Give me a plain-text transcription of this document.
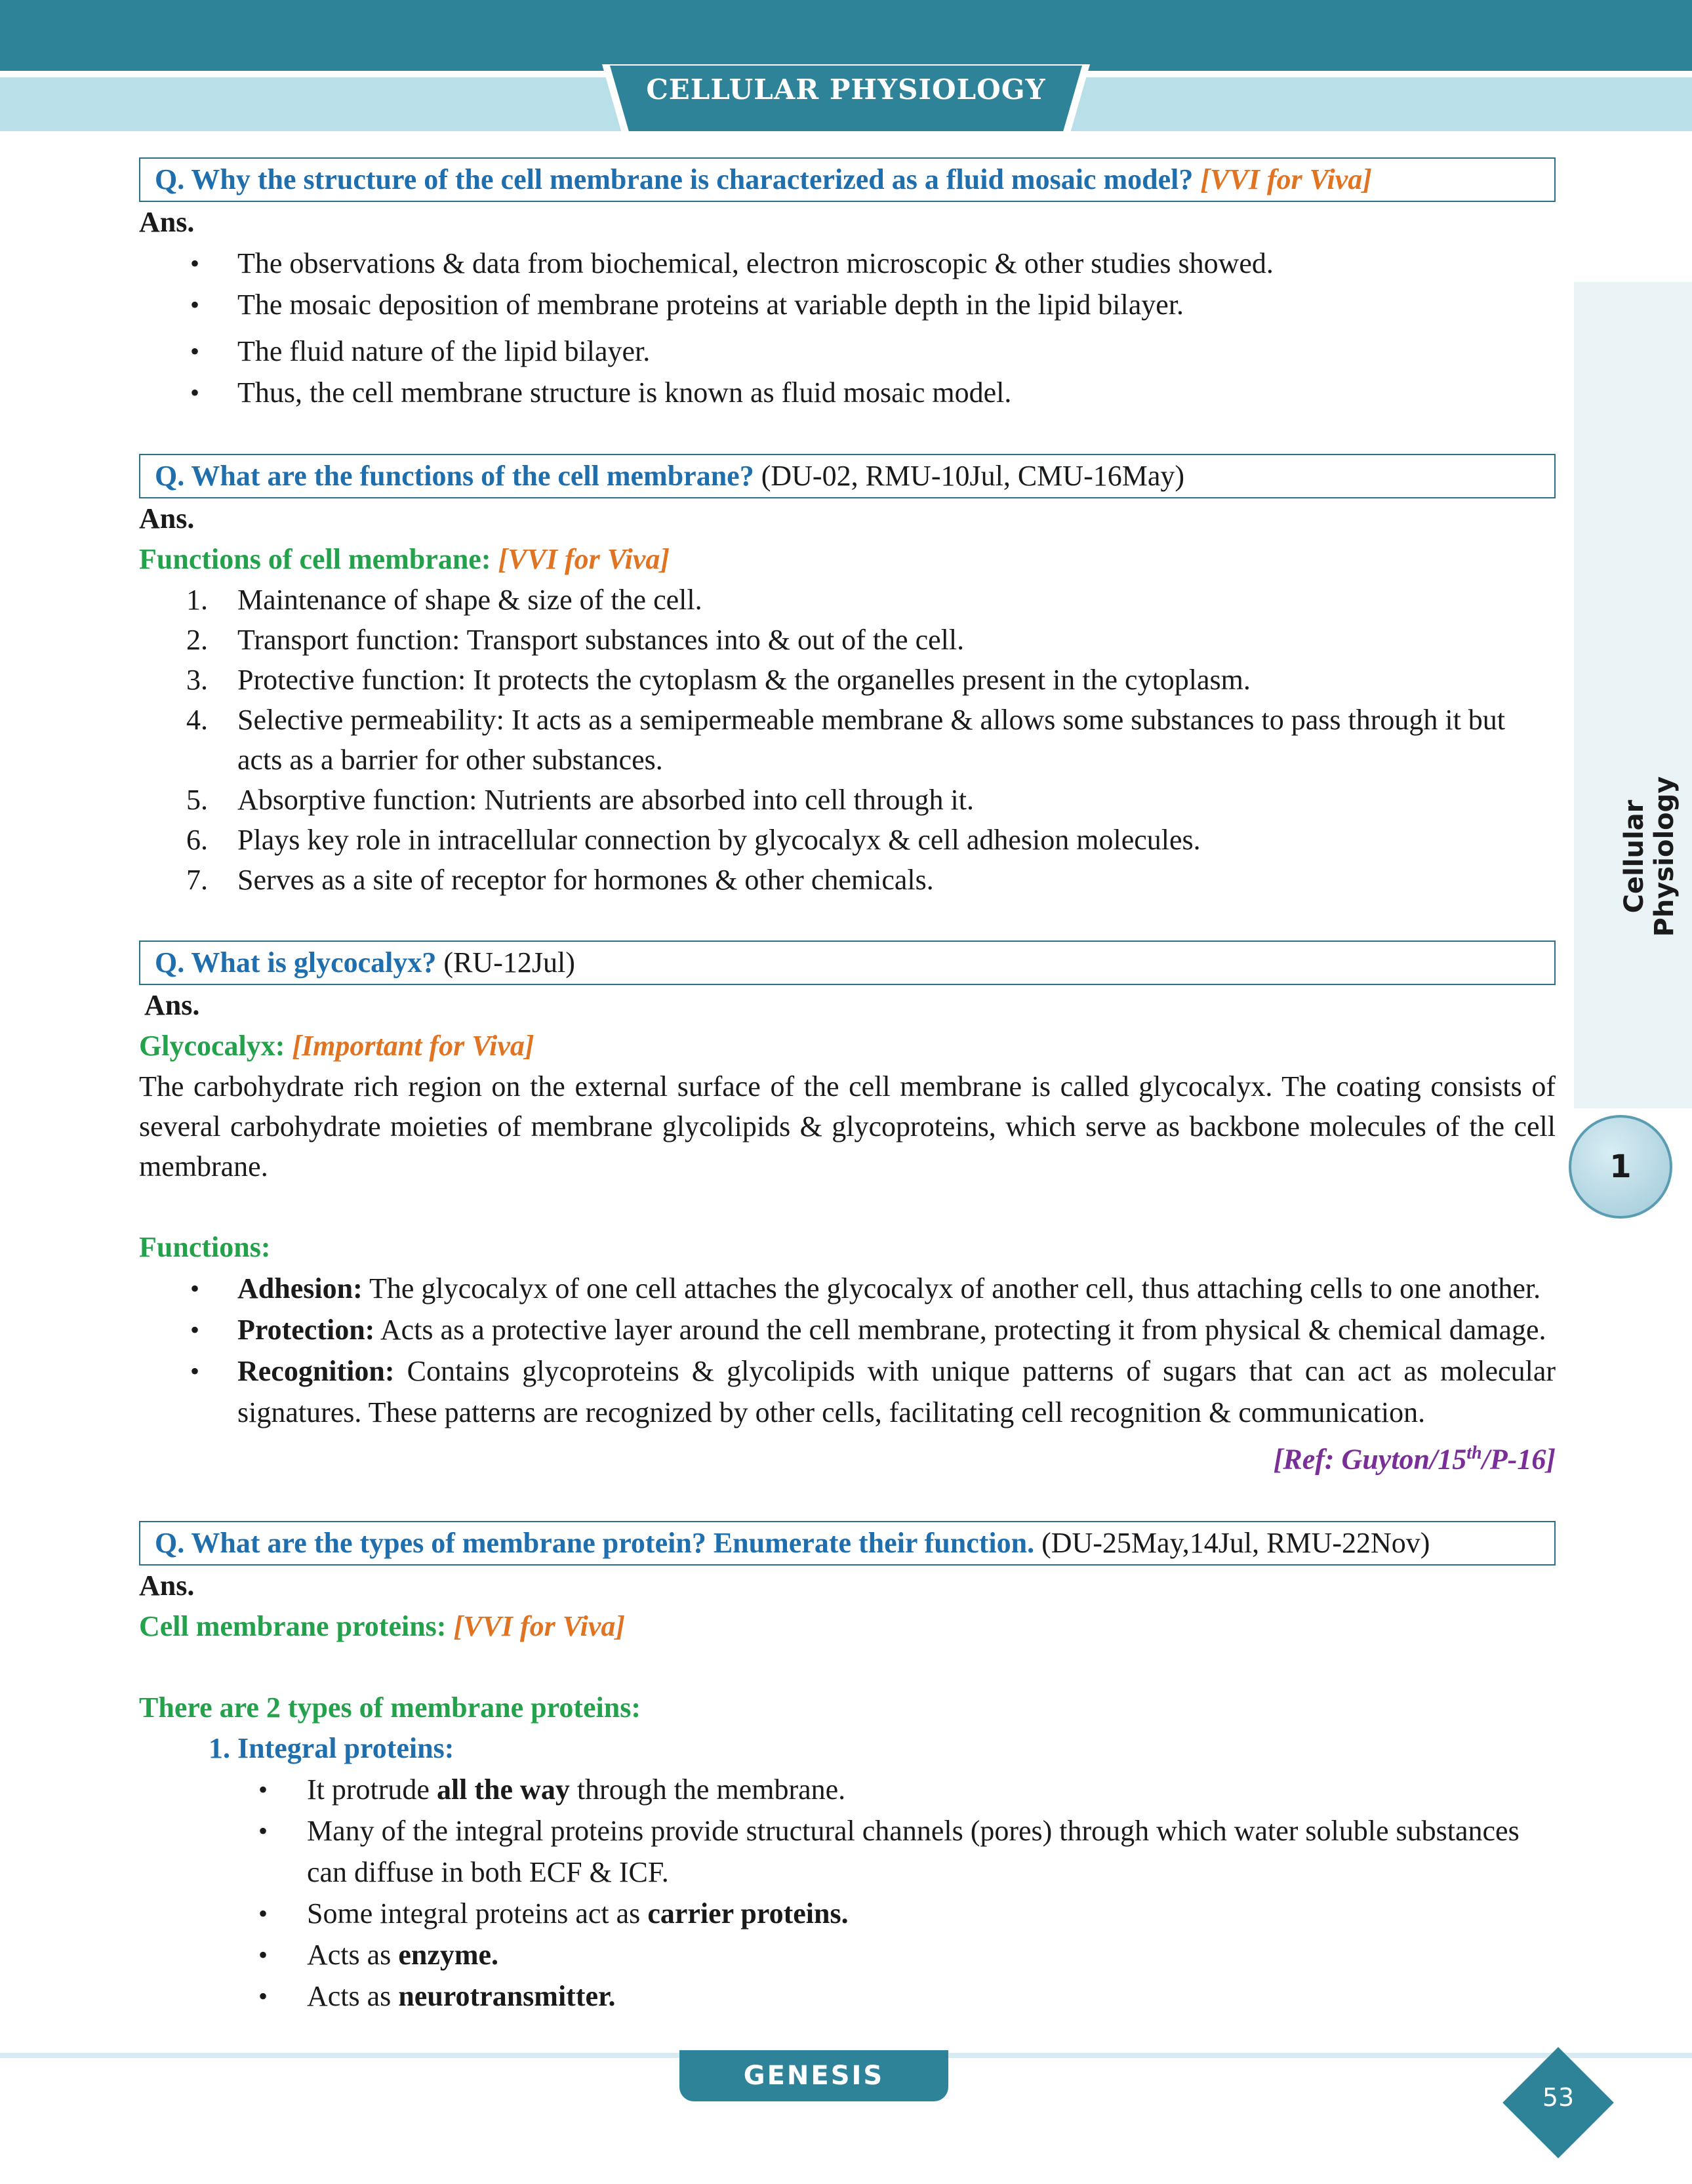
CELLULAR PHYSIOLOGY
Cellular Physiology
1
Q. Why the structure of the cell membrane is characterized as a fluid mosaic model? [VVI for Viva]
Ans.
• The observations & data from biochemical, electron microscopic & other studies showed.
• The mosaic deposition of membrane proteins at variable depth in the lipid bilayer.
• The fluid nature of the lipid bilayer.
• Thus, the cell membrane structure is known as fluid mosaic model.
Q. What are the functions of the cell membrane? (DU-02, RMU-10Jul, CMU-16May)
Ans.
Functions of cell membrane: [VVI for Viva]
1. Maintenance of shape & size of the cell.
2. Transport function: Transport substances into & out of the cell.
3. Protective function: It protects the cytoplasm & the organelles present in the cytoplasm.
4. Selective permeability: It acts as a semipermeable membrane & allows some substances to pass through it but acts as a barrier for other substances.
5. Absorptive function: Nutrients are absorbed into cell through it.
6. Plays key role in intracellular connection by glycocalyx & cell adhesion molecules.
7. Serves as a site of receptor for hormones & other chemicals.
Q. What is glycocalyx? (RU-12Jul)
Ans.
Glycocalyx: [Important for Viva]
The carbohydrate rich region on the external surface of the cell membrane is called glycocalyx. The coating consists of several carbohydrate moieties of membrane glycolipids & glycoproteins, which serve as backbone molecules of the cell membrane.
Functions:
• Adhesion: The glycocalyx of one cell attaches the glycocalyx of another cell, thus attaching cells to one another.
• Protection: Acts as a protective layer around the cell membrane, protecting it from physical & chemical damage.
• Recognition: Contains glycoproteins & glycolipids with unique patterns of sugars that can act as molecular signatures. These patterns are recognized by other cells, facilitating cell recognition & communication.
[Ref: Guyton/15th/P-16]
Q. What are the types of membrane protein? Enumerate their function. (DU-25May,14Jul, RMU-22Nov)
Ans.
Cell membrane proteins: [VVI for Viva]
There are 2 types of membrane proteins:
1. Integral proteins:
• It protrude all the way through the membrane.
• Many of the integral proteins provide structural channels (pores) through which water soluble substances can diffuse in both ECF & ICF.
• Some integral proteins act as carrier proteins.
• Acts as enzyme.
• Acts as neurotransmitter.
GENESIS
53
